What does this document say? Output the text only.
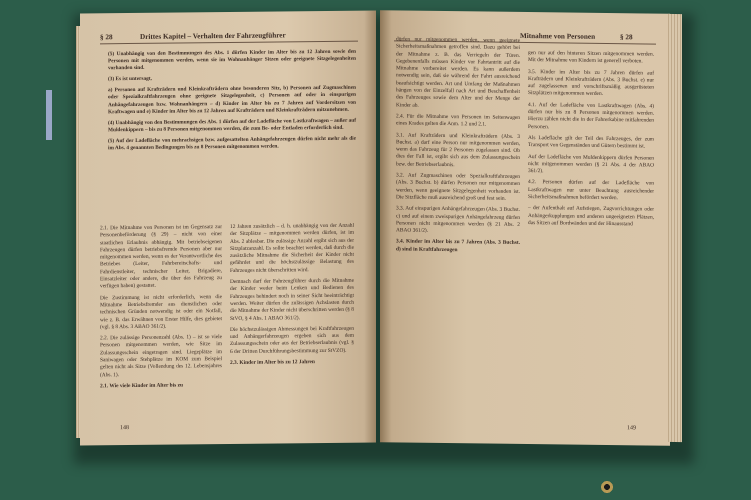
§ 28	Drittes Kapitel – Verhalten der Fahrzeugführer

(5) Unabhängig von den Bestimmungen des Abs. 1 dürfen Kinder im Alter bis zu 12 Jahren sowie den Personen mit mitgenommen werden, wenn sie im Wohnanhänger Sitzen oder geeignete Sitzgelegenheiten vorhanden sind.

(3) Es ist untersagt,

a) Personen auf Krafträdern und Kleinkrafträdern ohne besonderen Sitz, b) Personen auf Zugmaschinen oder Spezialkraftfahrzeugen ohne geeignete Sitzgelegenheit, c) Personen auf oder in einspurigen Anhängefahrzeugen bzw. Wohnanhängern – d) Kinder im Alter bis zu 7 Jahren auf Vordersitzen von Kraftwagen und e) Kinder im Alter bis zu 12 Jahren auf Krafträdern und Kleinkrafträdern mitzunehmen.

(4) Unabhängig von den Bestimmungen des Abs. 1 dürfen auf der Ladefläche von Lastkraftwagen – außer auf Muldenkippern – bis zu 8 Personen mitgenommen werden, die zum Be- oder Entladen erforderlich sind.

(5) Auf der Ladefläche von mehrachsigen bzw. aufgesattelten Anhängefahrzeugen dürfen nicht mehr als die im Abs. 4 genannten Bedingungen bis zu 8 Personen mitgenommen werden.

2.1. Die Mitnahme von Personen ist im Gegensatz zur Personenbeförderung (§ 29) – nicht von einer staatlichen Erlaubnis abhängig. Mit betriebseigenen Fahrzeugen dürfen betriebsfremde Personen aber nur mitgenommen werden, wenn es der Verantwortliche des Betriebes (Leiter, Fahrbereitschafts- und Fahrdienstleiter, technischer Leiter, Brigadiere, Einsatzleiter oder andere, die über das Fahrzeug zu verfügen haben) gestattet.

Die Zustimmung ist nicht erforderlich, wenn die Mitnahme Betriebsfremder aus dienstlichen oder technischen Gründen notwendig ist oder ein Notfall, wie z. B. das Erwähnen von Erster Hilfe, dies gebietet (vgl. § 8 Abs. 3 ABAO 361/2).

2.2. Die zulässige Personenzahl (Abs. 1) – ist so viele Personen mitgenommen werden, wie Sitze im Zulassungsschein eingetragen sind. Liegeplätze im Saniwagen oder Stehplätze im KOM zum Beispiel gelten nicht als Sitze (Vollendung des 12. Lebensjahres (Abs. 1).

2.1. Wie viele Kinder im Alter bis zu

12 Jahren zusätzlich – d. h. unabhängig von der Anzahl der Sitzplätze – mitgenommen werden dürfen, ist im Abs. 2 ablesbar. Die zulässige Anzahl ergibt sich aus der Sitzplatzanzahl. Es sollte beachtet werden, daß durch die zusätzliche Mitnahme die Sicherheit der Kinder nicht gefährdet und die höchstzulässige Belastung des Fahrzeuges nicht überschritten wird.

Demnach darf der Fahrzeugführer durch die Mitnahme der Kinder weder beim Lenken und Bedienen des Fahrzeuges behindert noch in seiner Sicht beeinträchtigt werden. Weiter dürfen die zulässigen Achslasten durch die Mitnahme der Kinder nicht überschritten werden (§ 8 StVO, § 4 Abs. 1 ABAO 361/2).

Die höchstzulässigen Abmessungen bei Kraftfahrzeugen und Anhängerfahrzeugen ergeben sich aus dem Zulassungsschein oder aus der Betriebserlaubnis (vgl. § 6 der Dritten Durchführungsbestimmung zur StVZO).

2.3. Kinder im Alter bis zu 12 Jahren

148
Mitnahme von Personen	§ 28

dürfen nur mitgenommen werden, wenn geeignete Sicherheitsmaßnahmen getroffen sind. Dazu gehört bei der Mitnahme z. B. das Verriegeln der Türen. Gegebenenfalls müssen Kinder vor Fahrtantritt auf die Mitnahme vorbereitet werden. Es kann außerdem notwendig sein, daß sie während der Fahrt ausreichend beaufsichtigt werden. Art und Umfang der Maßnahmen hängen von der Einzelfall nach Art und Beschaffenheit des Fahrzeuges sowie dem Alter und der Menge der Kinder ab.

2.4. Für die Mitnahme von Personen im Seitenwagen eines Krades gelten die Anm. 1.2 und 2.1.

3.1. Auf Krafträdern und Kleinkrafträdern (Abs. 3 Buchst. a) darf eine Person nur mitgenommen werden, wenn das Fahrzeug für 2 Personen zugelassen sind. Ob dies der Fall ist, ergibt sich aus dem Zulassungsschein bzw. der Betriebserlaubnis.

3.2. Auf Zugmaschinen oder Spezialkraftfahrzeugen (Abs. 3 Buchst. b) dürfen Personen nur mitgenommen werden, wenn geeignete Sitzgelegenheit vorhanden ist. Die Sitzfläche muß ausreichend groß und fest sein.

3.3. Auf einspurigen Anhängefahrzeugen (Abs. 3 Buchst. c) und auf einem zweispurigen Anhängefahrzeug dürfen Personen nicht mitgenommen werden (§ 21 Abs. 2 ABAO 361/2).

3.4. Kinder im Alter bis zu 7 Jahren (Abs. 3 Buchst. d) sind in Kraftfahrzeugen

gen nur auf den hinteren Sitzen mitgenommen werden. Mit der Mitnahme von Kindern ist generell verboten.

3.5. Kinder im Alter bis zu 7 Jahren dürfen auf Krafträdern und Kleinkrafträdern (Abs. 3 Buchst. e) nur auf zugelassenen und vorschriftsmäßig ausgerüsteten Sitzplätzen mitgenommen werden.

4.1. Auf der Ladefläche von Lastkraftwagen (Abs. 4) dürfen nur bis zu 8 Personen mitgenommen werden. Hierzu zählen nicht die in der Fahrerkabine mitfahrenden Personen.

Als Ladefläche gilt der Teil des Fahrzeuges, der zum Transport von Gegenständen und Gütern bestimmt ist.

Auf der Ladefläche von Muldenkippern dürfen Personen nicht mitgenommen werden (§ 21 Abs. 4 der ABAO 361/2).

4.2. Personen dürfen auf der Ladefläche von Lastkraftwagen nur unter Beachtung ausreichender Sicherheitsmaßnahmen befördert werden.

– der Aufenthalt auf Aufstiegen, Zugvorrichtungen oder Anhängerkupplungen und anderen ungeeigneten Plätzen, das Sitzen auf Bordwänden und der Hinausstand

149
